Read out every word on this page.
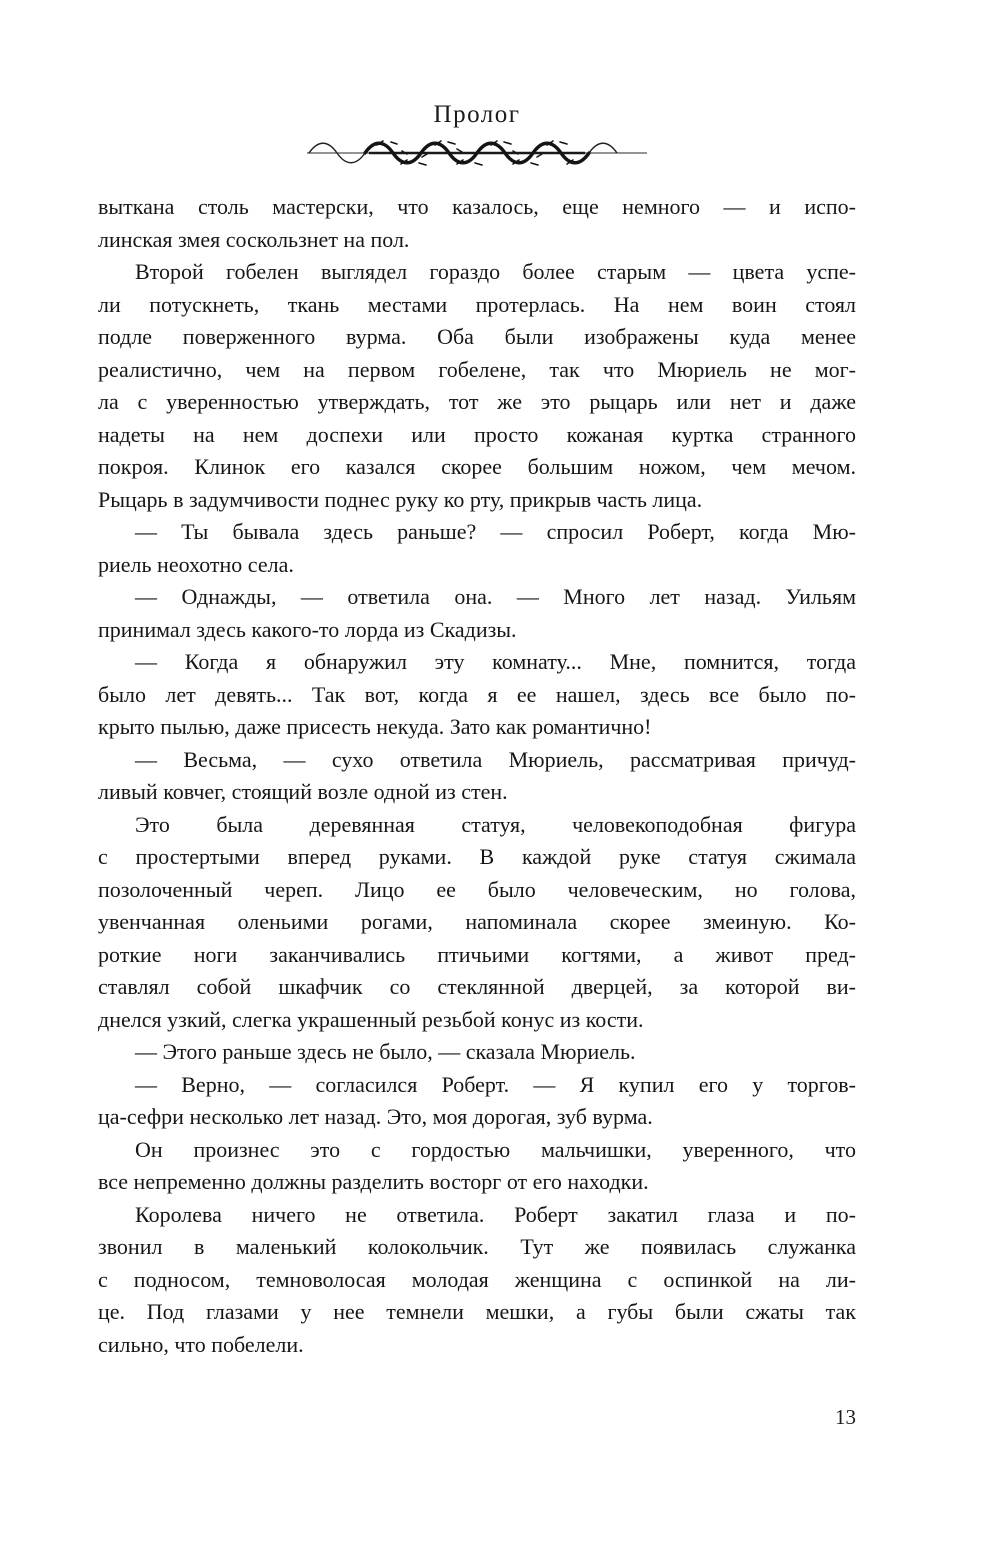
Пролог
выткана столь мастерски, что казалось, еще немного — и испо-
линская змея соскользнет на пол.
Второй гобелен выглядел гораздо более старым — цвета успе-
ли потускнеть, ткань местами протерлась. На нем воин стоял
подле поверженного вурма. Оба были изображены куда менее
реалистично, чем на первом гобелене, так что Мюриель не мог-
ла с уверенностью утверждать, тот же это рыцарь или нет и даже
надеты на нем доспехи или просто кожаная куртка странного
покроя. Клинок его казался скорее большим ножом, чем мечом.
Рыцарь в задумчивости поднес руку ко рту, прикрыв часть лица.
— Ты бывала здесь раньше? — спросил Роберт, когда Мю-
риель неохотно села.
— Однажды, — ответила она. — Много лет назад. Уильям
принимал здесь какого-то лорда из Скадизы.
— Когда я обнаружил эту комнату... Мне, помнится, тогда
было лет девять... Так вот, когда я ее нашел, здесь все было по-
крыто пылью, даже присесть некуда. Зато как романтично!
— Весьма, — сухо ответила Мюриель, рассматривая причуд-
ливый ковчег, стоящий возле одной из стен.
Это была деревянная статуя, человекоподобная фигура
с простертыми вперед руками. В каждой руке статуя сжимала
позолоченный череп. Лицо ее было человеческим, но голова,
увенчанная оленьими рогами, напоминала скорее змеиную. Ко-
роткие ноги заканчивались птичьими когтями, а живот пред-
ставлял собой шкафчик со стеклянной дверцей, за которой ви-
днелся узкий, слегка украшенный резьбой конус из кости.
— Этого раньше здесь не было, — сказала Мюриель.
— Верно, — согласился Роберт. — Я купил его у торгов-
ца-сефри несколько лет назад. Это, моя дорогая, зуб вурма.
Он произнес это с гордостью мальчишки, уверенного, что
все непременно должны разделить восторг от его находки.
Королева ничего не ответила. Роберт закатил глаза и по-
звонил в маленький колокольчик. Тут же появилась служанка
с подносом, темноволосая молодая женщина с оспинкой на ли-
це. Под глазами у нее темнели мешки, а губы были сжаты так
сильно, что побелели.
13
